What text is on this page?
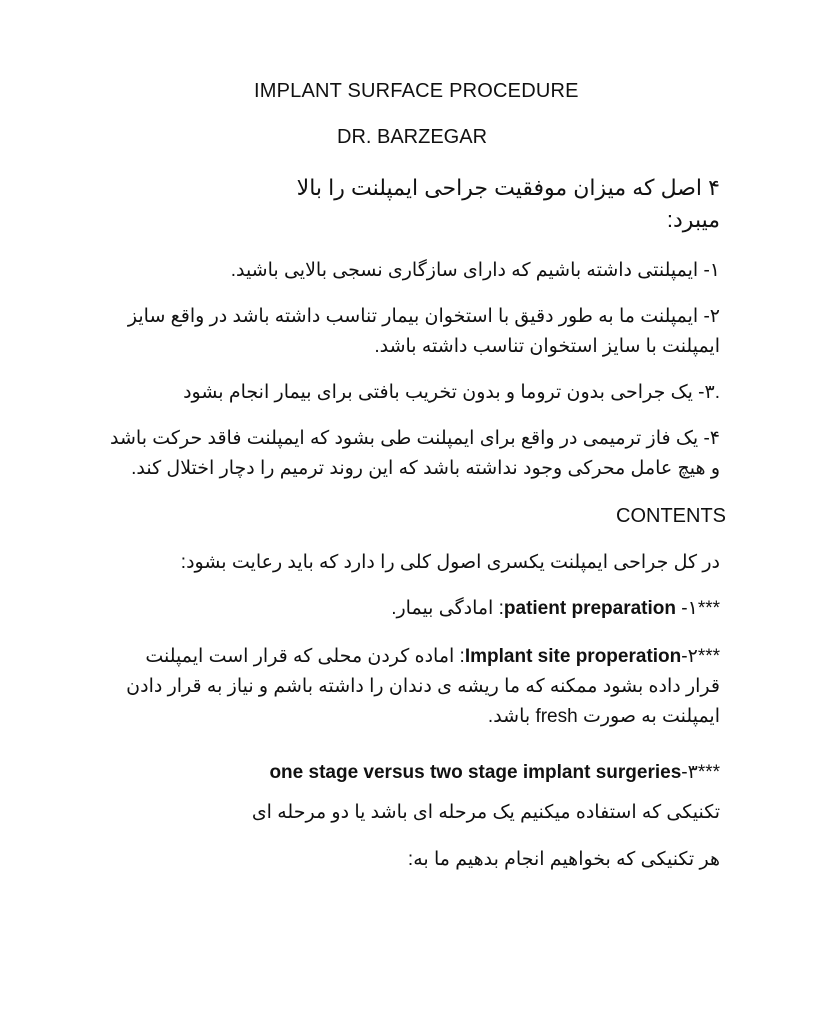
IMPLANT SURFACE PROCEDURE
DR. BARZEGAR
۴ اصل که میزان موفقیت جراحی ایمپلنت را بالا
میبرد:
۱- ایمپلنتی داشته باشیم که دارای سازگاری نسجی بالایی باشید.
۲- ایمپلنت ما به طور دقیق با استخوان بیمار تناسب داشته باشد در واقع سایز
ایمپلنت با سایز استخوان تناسب داشته باشد.
.۳- یک جراحی بدون تروما و بدون تخریب بافتی برای بیمار انجام بشود
۴- یک فاز ترمیمی در واقع برای ایمپلنت طی بشود که ایمپلنت فاقد حرکت باشد
و هیچ عامل محرکی وجود نداشته باشد که این روند ترمیم را دچار اختلال کند.
CONTENTS
در کل جراحی ایمپلنت یکسری اصول کلی را دارد که باید رعایت بشود:
***۱- patient preparation: امادگی بیمار.
***۲-Implant site properation: اماده کردن محلی که قرار است ایمپلنت
قرار داده بشود ممکنه که ما ریشه ی دندان را داشته باشم و نیاز به قرار دادن
ایمپلنت به صورت fresh باشد.
***۳-one stage versus two stage implant surgeries
تکنیکی که استفاده میکنیم یک مرحله ای باشد یا دو مرحله ای
هر تکنیکی که بخواهیم انجام بدهیم ما به:
